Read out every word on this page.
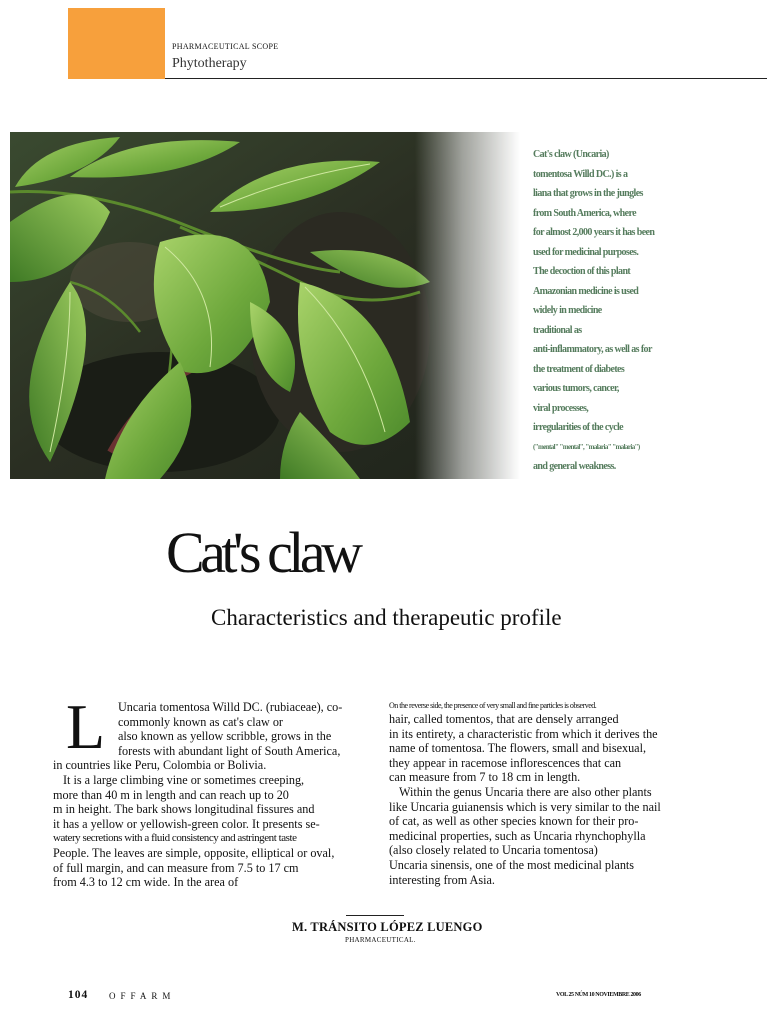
PHARMACEUTICAL SCOPE
Phytotherapy
Cat's claw (Uncaria)
tomentosa Willd DC.) is a
liana that grows in the jungles
from South America, where
for almost 2,000 years it has been
used for medicinal purposes.
The decoction of this plant
Amazonian medicine is used
widely in medicine
traditional as
anti-inflammatory, as well as for
the treatment of diabetes
various tumors, cancer,
viral processes,
irregularities of the cycle
("mental" "mental", "malaria" "malaria")
and general weakness.
Cat's claw
Characteristics and therapeutic profile
L	Uncaria tomentosa Willd DC. (rubiaceae), co-
commonly known as cat's claw or
also known as yellow scribble, grows in the
forests with abundant light of South America,
in countries like Peru, Colombia or Bolivia.
It is a large climbing vine or sometimes creeping,
more than 40 m in length and can reach up to 20
m in height. The bark shows longitudinal fissures and
it has a yellow or yellowish-green color. It presents se-
watery secretions with a fluid consistency and astringent taste
People. The leaves are simple, opposite, elliptical or oval,
of full margin, and can measure from 7.5 to 17 cm
from 4.3 to 12 cm wide. In the area of
On the reverse side, the presence of very small and fine particles is observed.
hair, called tomentos, that are densely arranged
in its entirety, a characteristic from which it derives the
name of tomentosa. The flowers, small and bisexual,
they appear in racemose inflorescences that can
can measure from 7 to 18 cm in length.
Within the genus Uncaria there are also other plants
like Uncaria guianensis which is very similar to the nail
of cat, as well as other species known for their pro-
medicinal properties, such as Uncaria rhynchophylla
(also closely related to Uncaria tomentosa)
Uncaria sinensis, one of the most medicinal plants
interesting from Asia.
M. TRÁNSITO LÓPEZ LUENGO
PHARMACEUTICAL.
104 OFFARM	VOL 25 NÚM 10 NOVIEMBRE 2006
